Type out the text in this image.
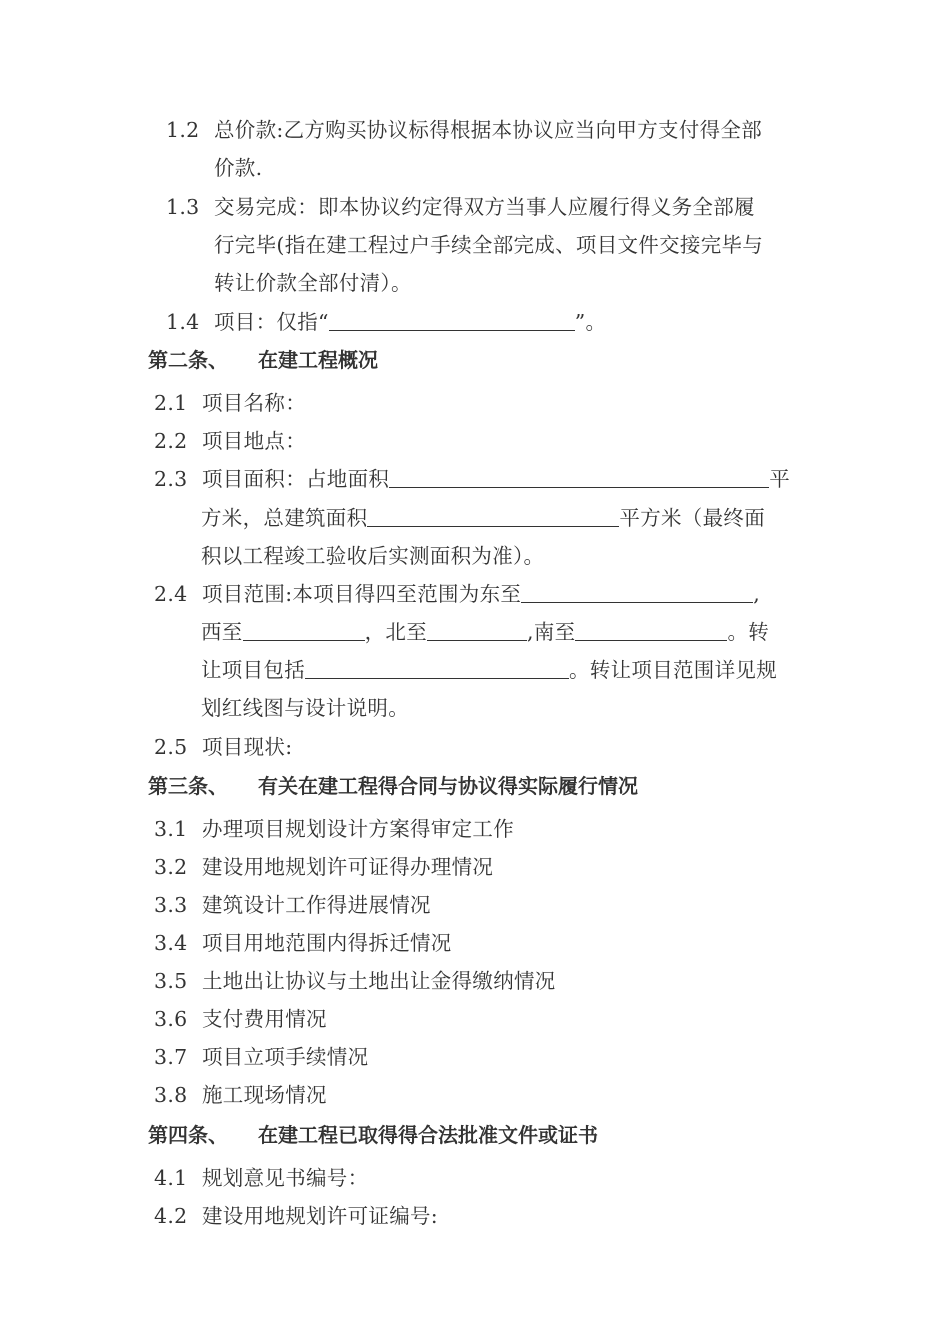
1.2 总价款:乙方购买协议标得根据本协议应当向甲方支付得全部
价款.
1.3 交易完成：即本协议约定得双方当事人应履行得义务全部履
行完毕(指在建工程过户手续全部完成、项目文件交接完毕与
转让价款全部付清）。
1.4 项目：仅指“	”。
第二条、 在建工程概况
2.1 项目名称：
2.2 项目地点：
2.3 项目面积：占地面积	平
方米，总建筑面积	平方米（最终面
积以工程竣工验收后实测面积为准）。
2.4 项目范围:本项目得四至范围为东至	,
西至	，北至	,南至	。转
让项目包括	。转让项目范围详见规
划红线图与设计说明。
2.5 项目现状:
第三条、 有关在建工程得合同与协议得实际履行情况
3.1 办理项目规划设计方案得审定工作
3.2 建设用地规划许可证得办理情况
3.3 建筑设计工作得进展情况
3.4 项目用地范围内得拆迁情况
3.5 土地出让协议与土地出让金得缴纳情况
3.6 支付费用情况
3.7 项目立项手续情况
3.8 施工现场情况
第四条、 在建工程已取得得合法批准文件或证书
4.1 规划意见书编号：
4.2 建设用地规划许可证编号:
